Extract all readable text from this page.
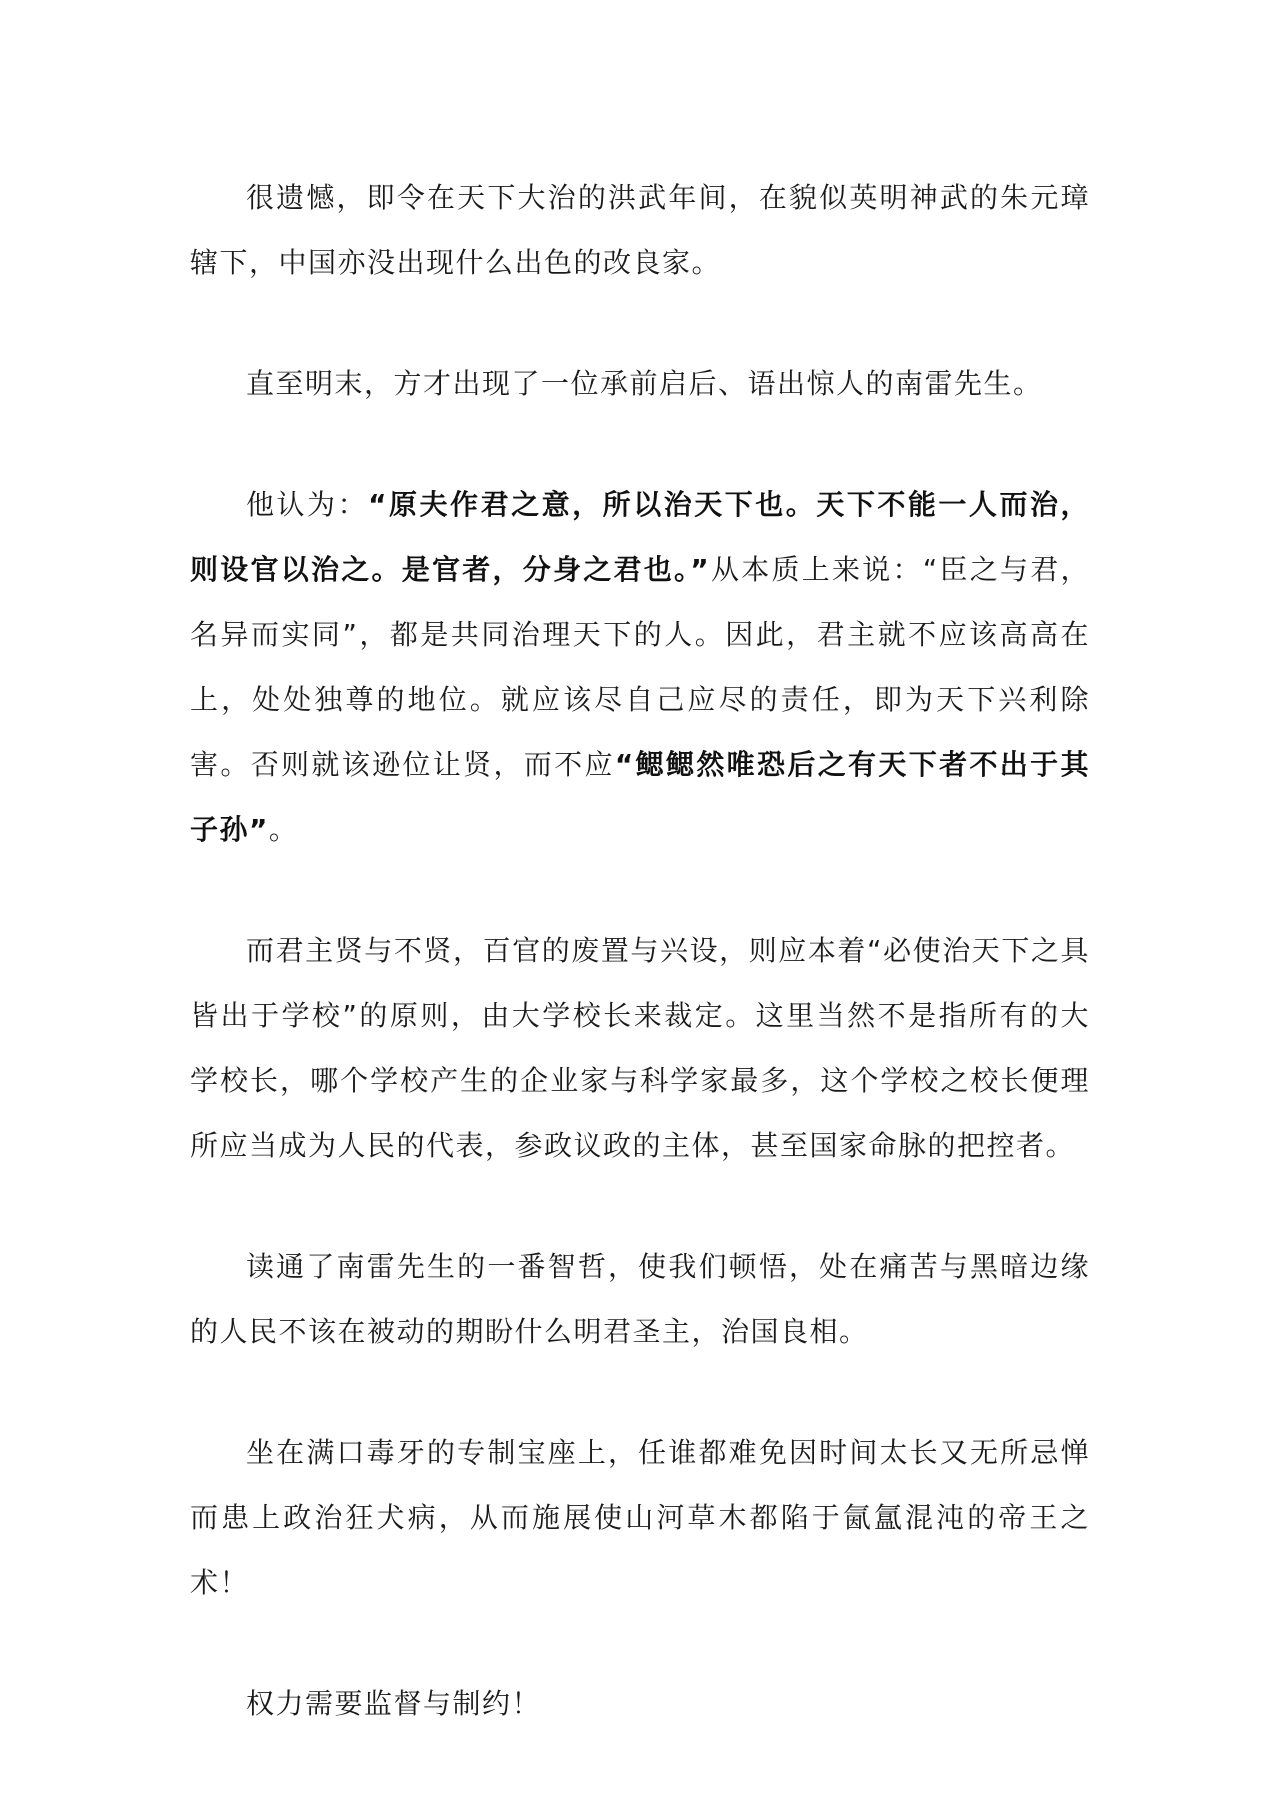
很遗憾，即令在天下大治的洪武年间，在貌似英明神武的朱元璋辖下，中国亦没出现什么出色的改良家。

直至明末，方才出现了一位承前启后、语出惊人的南雷先生。

他认为：“原夫作君之意，所以治天下也。天下不能一人而治，则设官以治之。是官者，分身之君也。”从本质上来说：“臣之与君，名异而实同”，都是共同治理天下的人。因此，君主就不应该高高在上，处处独尊的地位。就应该尽自己应尽的责任，即为天下兴利除害。否则就该逊位让贤，而不应“鳃鳃然唯恐后之有天下者不出于其子孙”。

而君主贤与不贤，百官的废置与兴设，则应本着“必使治天下之具皆出于学校”的原则，由大学校长来裁定。这里当然不是指所有的大学校长，哪个学校产生的企业家与科学家最多，这个学校之校长便理所应当成为人民的代表，参政议政的主体，甚至国家命脉的把控者。

读通了南雷先生的一番智哲，使我们顿悟，处在痛苦与黑暗边缘的人民不该在被动的期盼什么明君圣主，治国良相。

坐在满口毒牙的专制宝座上，任谁都难免因时间太长又无所忌惮而患上政治狂犬病，从而施展使山河草木都陷于氤氲混沌的帝王之术！

权力需要监督与制约！
